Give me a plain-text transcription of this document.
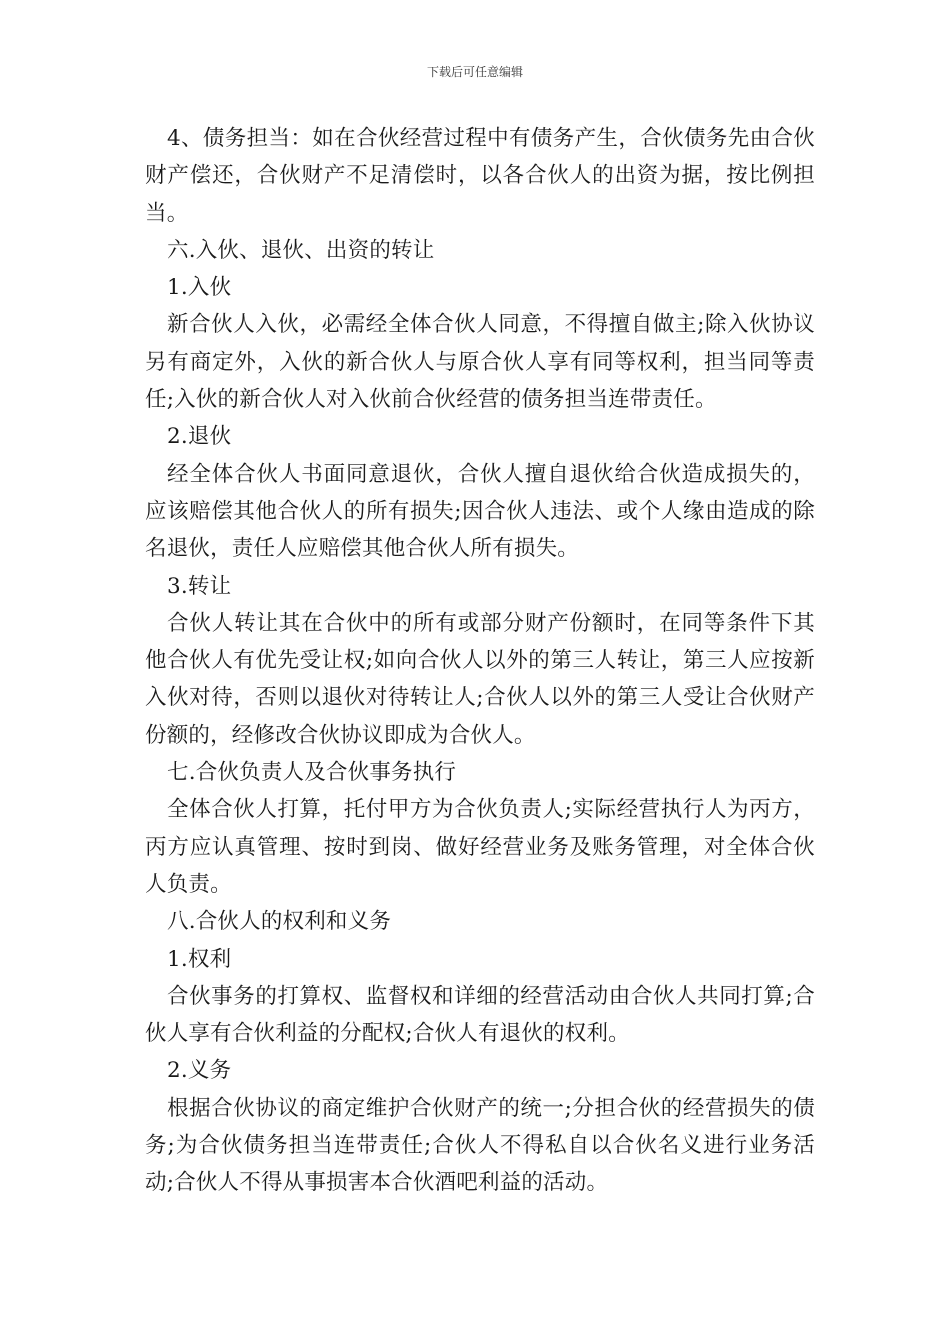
下载后可任意编辑

4、债务担当：如在合伙经营过程中有债务产生，合伙债务先由合伙财产偿还，合伙财产不足清偿时，以各合伙人的出资为据，按比例担当。

六.入伙、退伙、出资的转让

1.入伙

新合伙人入伙，必需经全体合伙人同意，不得擅自做主;除入伙协议另有商定外，入伙的新合伙人与原合伙人享有同等权利，担当同等责任;入伙的新合伙人对入伙前合伙经营的债务担当连带责任。

2.退伙

经全体合伙人书面同意退伙，合伙人擅自退伙给合伙造成损失的，应该赔偿其他合伙人的所有损失;因合伙人违法、或个人缘由造成的除名退伙，责任人应赔偿其他合伙人所有损失。

3.转让

合伙人转让其在合伙中的所有或部分财产份额时，在同等条件下其他合伙人有优先受让权;如向合伙人以外的第三人转让，第三人应按新入伙对待，否则以退伙对待转让人;合伙人以外的第三人受让合伙财产份额的，经修改合伙协议即成为合伙人。

七.合伙负责人及合伙事务执行

全体合伙人打算，托付甲方为合伙负责人;实际经营执行人为丙方，丙方应认真管理、按时到岗、做好经营业务及账务管理，对全体合伙人负责。

八.合伙人的权利和义务

1.权利

合伙事务的打算权、监督权和详细的经营活动由合伙人共同打算;合伙人享有合伙利益的分配权;合伙人有退伙的权利。

2.义务

根据合伙协议的商定维护合伙财产的统一;分担合伙的经营损失的债务;为合伙债务担当连带责任;合伙人不得私自以合伙名义进行业务活动;合伙人不得从事损害本合伙酒吧利益的活动。
